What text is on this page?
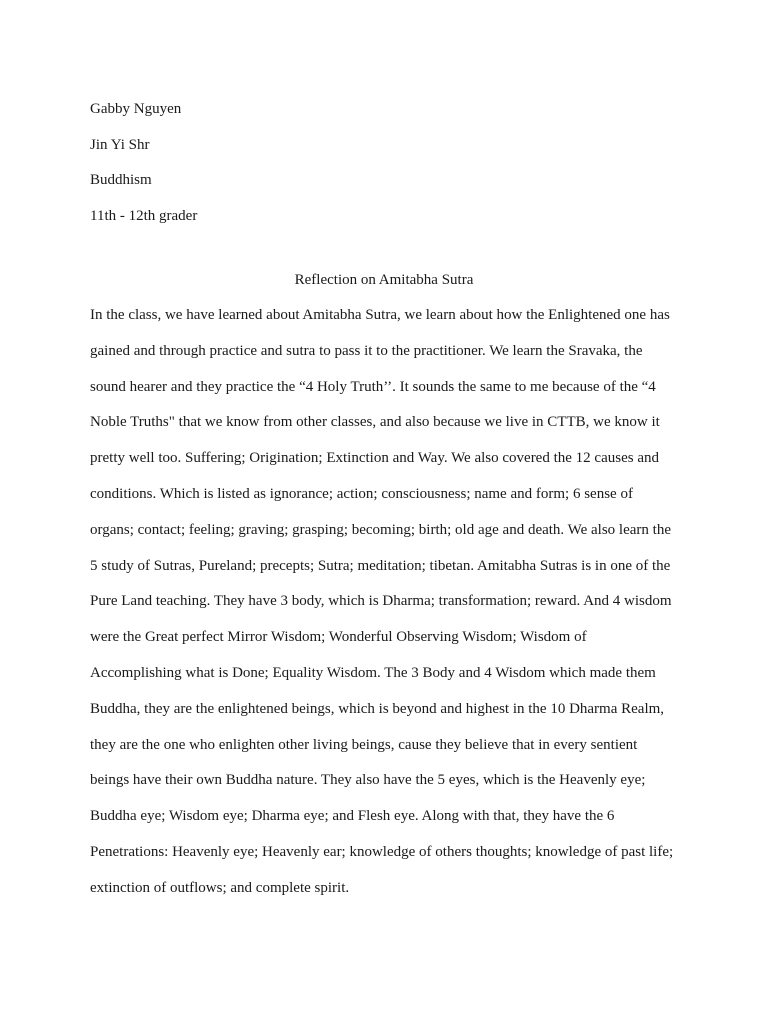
Gabby Nguyen
Jin Yi Shr
Buddhism
11th - 12th grader
Reflection on Amitabha Sutra
In the class, we have learned about Amitabha Sutra, we learn about how the Enlightened one has
gained and through practice and sutra to pass it to the practitioner. We learn the Sravaka, the
sound hearer and they practice the “4 Holy Truth’’. It sounds the same to me because of the “4
Noble Truths" that we know from other classes, and also because we live in CTTB, we know it
pretty well too. Suffering; Origination; Extinction and Way. We also covered the 12 causes and
conditions. Which is listed as ignorance; action; consciousness; name and form; 6 sense of
organs; contact; feeling; graving; grasping; becoming; birth; old age and death. We also learn the
5 study of Sutras, Pureland; precepts; Sutra; meditation; tibetan. Amitabha Sutras is in one of the
Pure Land teaching. They have 3 body, which is Dharma; transformation; reward. And 4 wisdom
were the Great perfect Mirror Wisdom; Wonderful Observing Wisdom; Wisdom of
Accomplishing what is Done; Equality Wisdom. The 3 Body and 4 Wisdom which made them
Buddha, they are the enlightened beings, which is beyond and highest in the 10 Dharma Realm,
they are the one who enlighten other living beings, cause they believe that in every sentient
beings have their own Buddha nature. They also have the 5 eyes, which is the Heavenly eye;
Buddha eye; Wisdom eye; Dharma eye; and Flesh eye. Along with that, they have the 6
Penetrations: Heavenly eye; Heavenly ear; knowledge of others thoughts; knowledge of past life;
extinction of outflows; and complete spirit.
